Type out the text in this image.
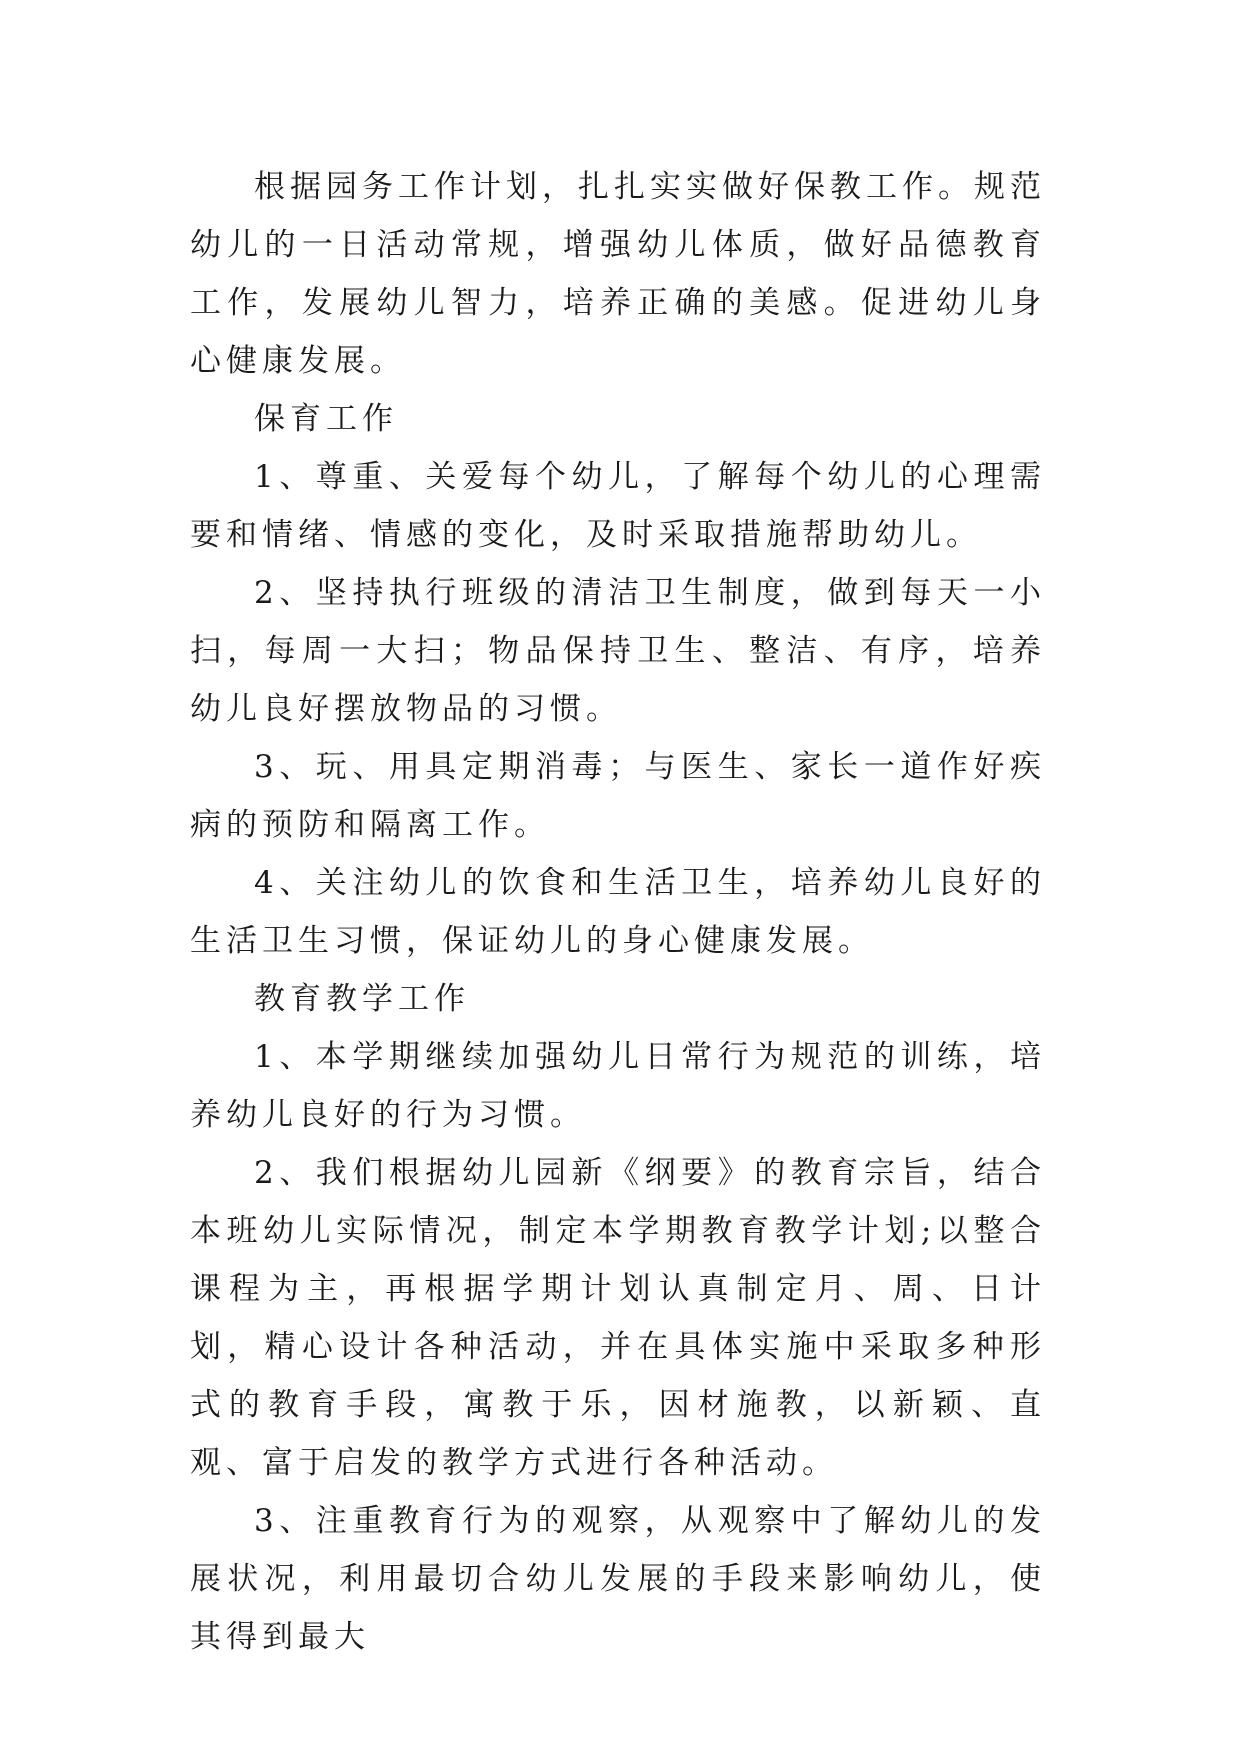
根据园务工作计划，扎扎实实做好保教工作。规范幼儿的一日活动常规，增强幼儿体质，做好品德教育工作，发展幼儿智力，培养正确的美感。促进幼儿身心健康发展。

保育工作

1、尊重、关爱每个幼儿，了解每个幼儿的心理需要和情绪、情感的变化，及时采取措施帮助幼儿。

2、坚持执行班级的清洁卫生制度，做到每天一小扫，每周一大扫；物品保持卫生、整洁、有序，培养幼儿良好摆放物品的习惯。

3、玩、用具定期消毒；与医生、家长一道作好疾病的预防和隔离工作。

4、关注幼儿的饮食和生活卫生，培养幼儿良好的生活卫生习惯，保证幼儿的身心健康发展。

教育教学工作

1、本学期继续加强幼儿日常行为规范的训练，培养幼儿良好的行为习惯。

2、我们根据幼儿园新《纲要》的教育宗旨，结合本班幼儿实际情况，制定本学期教育教学计划;以整合课程为主，再根据学期计划认真制定月、周、日计划，精心设计各种活动，并在具体实施中采取多种形式的教育手段，寓教于乐，因材施教，以新颖、直观、富于启发的教学方式进行各种活动。

3、注重教育行为的观察，从观察中了解幼儿的发展状况，利用最切合幼儿发展的手段来影响幼儿，使其得到最大
